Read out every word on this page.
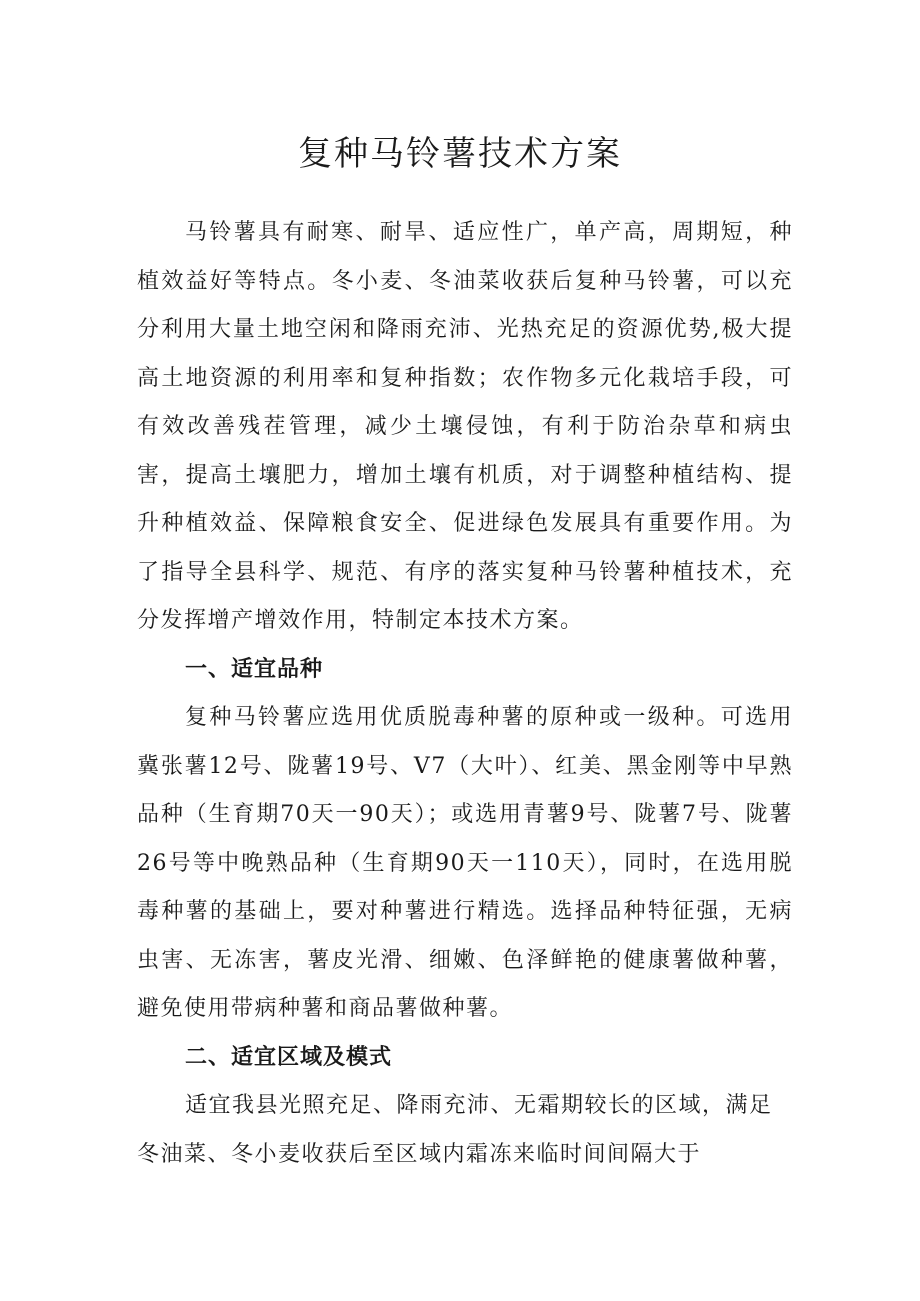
复种马铃薯技术方案

马铃薯具有耐寒、耐旱、适应性广，单产高，周期短，种植效益好等特点。冬小麦、冬油菜收获后复种马铃薯，可以充分利用大量土地空闲和降雨充沛、光热充足的资源优势,极大提高土地资源的利用率和复种指数；农作物多元化栽培手段，可有效改善残茬管理，减少土壤侵蚀，有利于防治杂草和病虫害，提高土壤肥力，增加土壤有机质，对于调整种植结构、提升种植效益、保障粮食安全、促进绿色发展具有重要作用。为了指导全县科学、规范、有序的落实复种马铃薯种植技术，充分发挥增产增效作用，特制定本技术方案。

一、适宜品种

复种马铃薯应选用优质脱毒种薯的原种或一级种。可选用冀张薯12号、陇薯19号、V7（大叶）、红美、黑金刚等中早熟品种（生育期70天一90天）；或选用青薯9号、陇薯7号、陇薯26号等中晚熟品种（生育期90天一110天），同时，在选用脱毒种薯的基础上，要对种薯进行精选。选择品种特征强，无病虫害、无冻害，薯皮光滑、细嫩、色泽鲜艳的健康薯做种薯，避免使用带病种薯和商品薯做种薯。

二、适宜区域及模式

适宜我县光照充足、降雨充沛、无霜期较长的区域，满足冬油菜、冬小麦收获后至区域内霜冻来临时间间隔大于
